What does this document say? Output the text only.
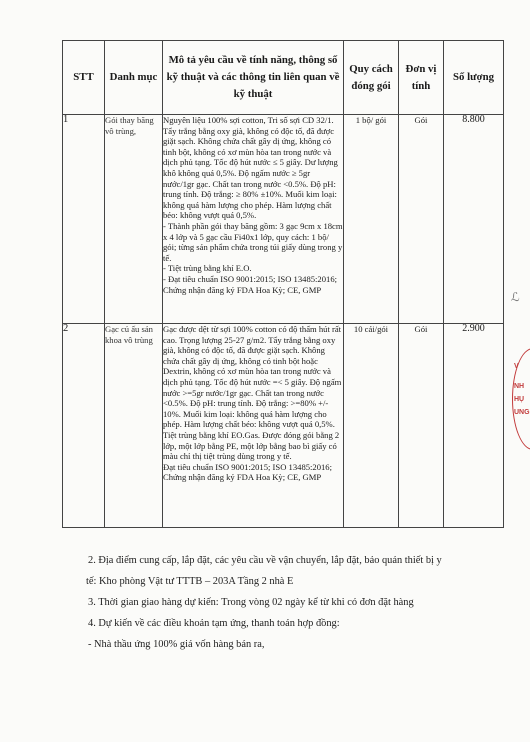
STT	Danh mục	Mô tả yêu cầu về tính năng, thông số kỹ thuật và các thông tin liên quan về kỹ thuật	Quy cách đóng gói	Đơn vị tính	Số lượng
1	Gói thay băng vô trùng,	Nguyên liệu 100% sợi cotton, Tri số sợi CD 32/1. Tẩy trắng bằng oxy già, không có độc tố, đã được giặt sạch. Không chứa chất gây dị ứng, không có tinh bột, không có xơ mùn hòa tan trong nước và dịch phủ tạng. Tốc độ hút nước ≤ 5 giây. Dư lượng khô không quá 0,5%. Độ ngấm nước ≥ 5gr nước/1gr gạc. Chất tan trong nước <0.5%. Độ pH: trung tính. Độ trắng: ≥ 80% ±10%. Muối kim loại: không quá hàm lượng cho phép. Hàm lượng chất béo: không vượt quá 0,5%.
- Thành phần gói thay băng gồm: 3 gạc 9cm x 18cm x 4 lớp và 5 gạc cầu Fi40x1 lớp, quy cách: 1 bộ/ gói; từng sản phẩm chứa trong túi giấy dùng trong y tế.
- Tiệt trùng bằng khí E.O.
- Đạt tiêu chuẩn ISO 9001:2015; ISO 13485:2016; Chứng nhận đăng ký FDA Hoa Kỳ; CE, GMP	1 bộ/ gói	Gói	8.800
2	Gạc củ ấu sản khoa vô trùng	Gạc được dệt từ sợi 100% cotton có độ thấm hút rất cao. Trọng lượng 25-27 g/m2. Tẩy trắng bằng oxy già, không có độc tố, đã được giặt sạch. Không chứa chất gây dị ứng, không có tinh bột hoặc Dextrin, không có xơ mùn hòa tan trong nước và dịch phủ tạng. Tốc độ hút nước =< 5 giây. Độ ngấm nước >=5gr nước/1gr gạc. Chất tan trong nước <0.5%. Độ pH: trung tính. Độ trắng: >=80% +/- 10%. Muối kim loại: không quá hàm lượng cho phép. Hàm lượng chất béo: không vượt quá 0,5%. Tiệt trùng bằng khí EO.Gas. Được đóng gói bằng 2 lớp, một lớp bằng PE, một lớp bằng bao bì giấy có màu chỉ thị tiệt trùng dùng trong y tế.
Đạt tiêu chuẩn ISO 9001:2015; ISO 13485:2016; Chứng nhận đăng ký FDA Hoa Kỳ; CE, GMP	10 cái/gói	Gói	2.900

2. Địa điểm cung cấp, lắp đặt, các yêu cầu về vận chuyển, lắp đặt, bảo quản thiết bị y

tế: Kho phòng Vật tư TTTB – 203A Tầng 2 nhà E

3. Thời gian giao hàng dự kiến: Trong vòng 02 ngày kể từ khi có đơn đặt hàng

4. Dự kiến về các điều khoản tạm ứng, thanh toán hợp đồng:

- Nhà thầu ứng 100% giá vốn hàng bán ra,

ℒ
V
NH
HỤ
UNG
